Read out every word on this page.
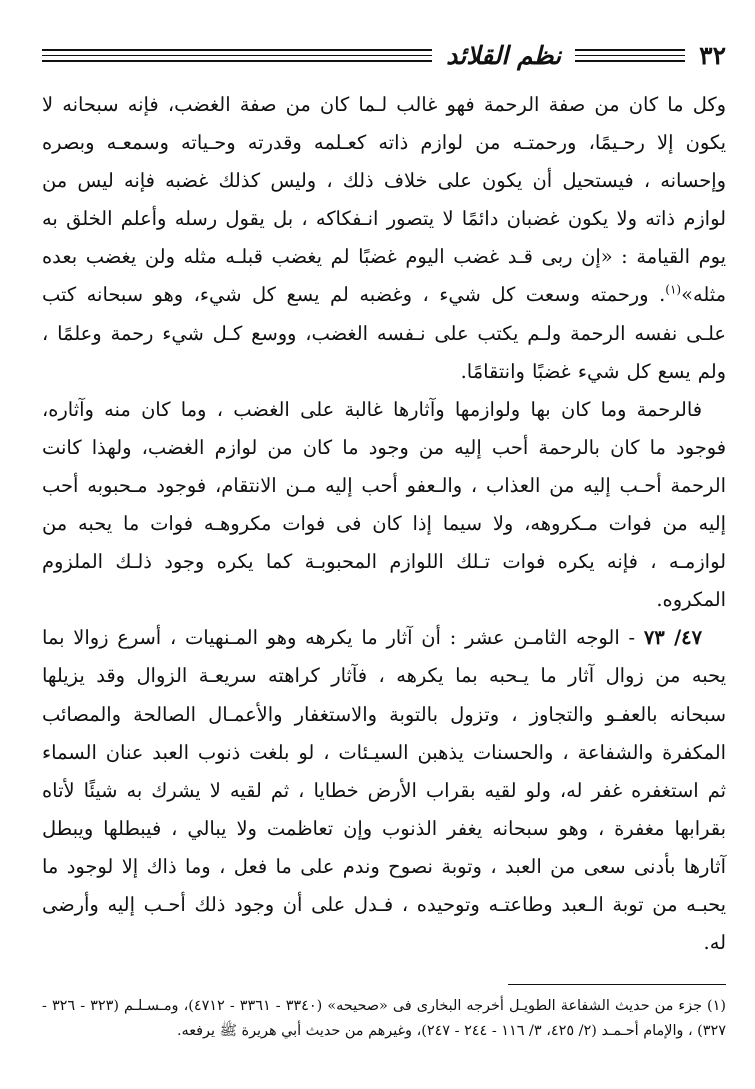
٣٢
نظم القلائد

وكل ما كان من صفة الرحمة فهو غالب لـما كان من صفة الغضب، فإنه سبحانه لا يكون إلا رحـيمًا، ورحمتـه من لوازم ذاته كعـلمه وقدرته وحـياته وسمعـه وبصره وإحسانه ، فيستحيل أن يكون على خلاف ذلك ، وليس كذلك غضبه فإنه ليس من لوازم ذاته ولا يكون غضبان دائمًا لا يتصور انـفكاكه ، بل يقول رسله وأعلم الخلق به يوم القيامة : «إن ربى قـد غضب اليوم غضبًا لم يغضب قبلـه مثله ولن يغضب بعده مثله»$^{(١)}$. ورحمته وسعت كل شيء ، وغضبه لم يسع كل شيء، وهو سبحانه كتب علـى نفسه الرحمة ولـم يكتب على نـفسه الغضب، ووسع كـل شيء رحمة وعلمًا ، ولم يسع كل شيء غضبًا وانتقامًا.

فالرحمة وما كان بها ولوازمها وآثارها غالبة على الغضب ، وما كان منه وآثاره، فوجود ما كان بالرحمة أحب إليه من وجود ما كان من لوازم الغضب، ولهذا كانت الرحمة أحـب إليه من العذاب ، والـعفو أحب إليه مـن الانتقام، فوجود مـحبوبه أحب إليه من فوات مـكروهه، ولا سيما إذا كان فى فوات مكروهـه فوات ما يحبه من لوازمـه ، فإنه يكره فوات تـلك اللوازم المحبوبـة كما يكره وجود ذلـك الملزوم المكروه.

٤٧/ ٧٣ - الوجه الثامـن عشر : أن آثار ما يكرهه وهو المـنهيات ، أسرع زوالا بما يحبه من زوال آثار ما يـحبه بما يكرهه ، فآثار كراهته سريعـة الزوال وقد يزيلها سبحانه بالعفـو والتجاوز ، وتزول بالتوبة والاستغفار والأعمـال الصالحة والمصائب المكفرة والشفاعة ، والحسنات يذهبن السيـئات ، لو بلغت ذنوب العبد عنان السماء ثم استغفره غفر له، ولو لقيه بقراب الأرض خطايا ، ثم لقيه لا يشرك به شيئًا لأتاه بقرابها مغفرة ، وهو سبحانه يغفر الذنوب وإن تعاظمت ولا يبالي ، فيبطلها ويبطل آثارها بأدنى سعى من العبد ، وتوبة نصوح وندم على ما فعل ، وما ذاك إلا لوجود ما يحبـه من توبة الـعبد وطاعتـه وتوحيده ، فـدل على أن وجود ذلك أحـب إليه وأرضى له.

(١) جزء من حديث الشفاعة الطويـل أخرجه البخارى فى «صحيحه» (٣٣٤٠ - ٣٣٦١ - ٤٧١٢)، ومـسـلـم (٣٢٣ - ٣٢٦ - ٣٢٧) ، والإمام أحـمـد (٢/ ٤٢٥، ٣/ ١١٦ - ٢٤٤ - ٢٤٧)، وغيرهم من حديث أبي هريرة ﷺ يرفعه.
